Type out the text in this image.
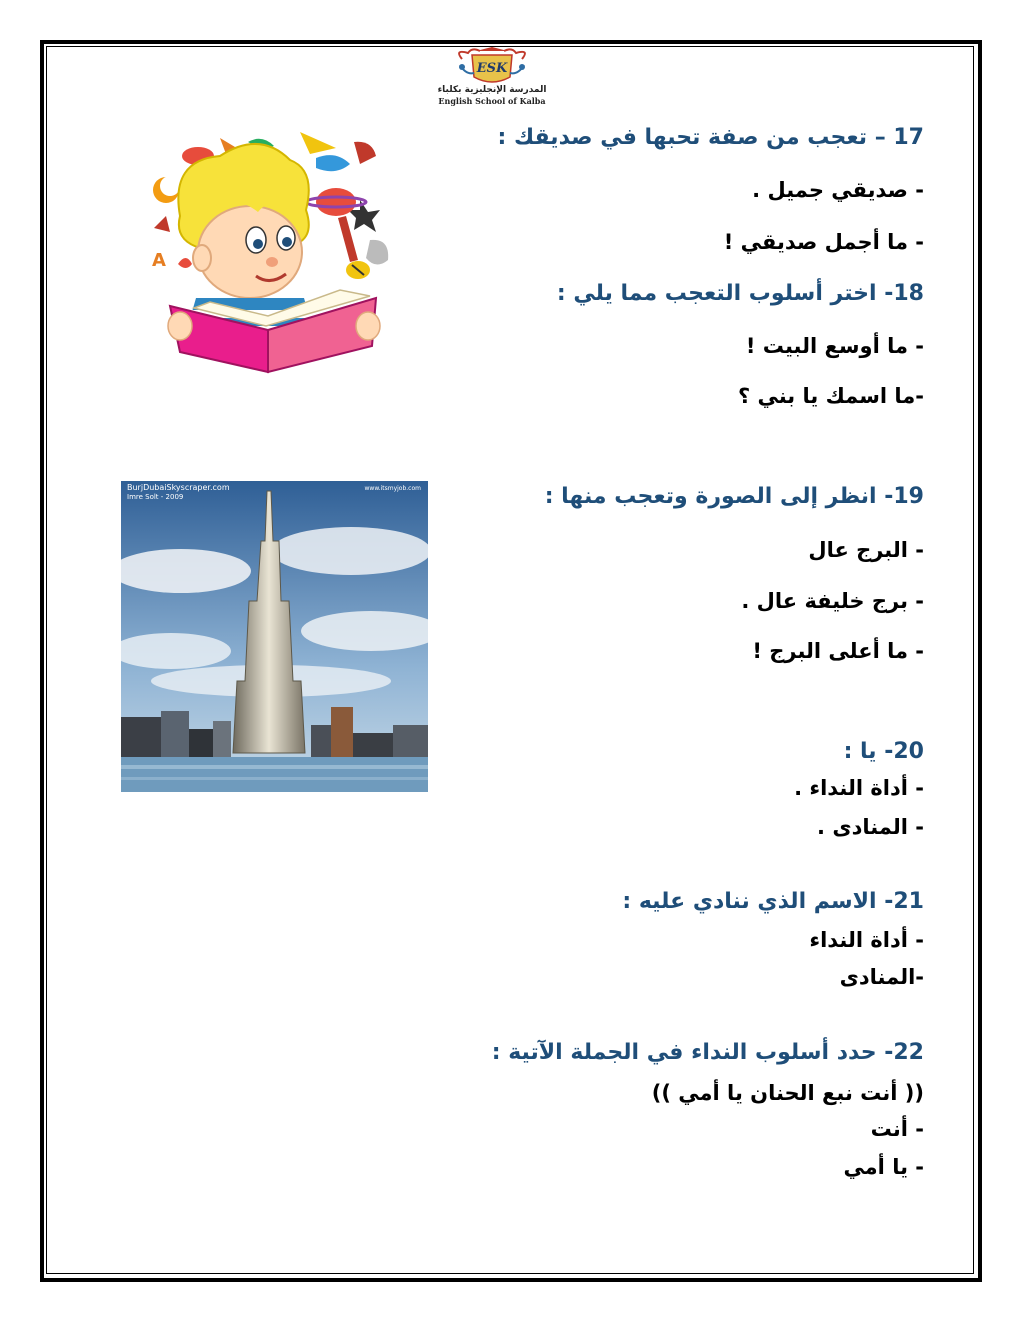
ESK
المدرسة الإنجليزية بكلباء
English School of Kalba
17 – تعجب من صفة تحبها في صديقك :
- صديقي جميل .
- ما أجمل صديقي !
18- اختر أسلوب التعجب مما يلي :
- ما أوسع البيت !
-ما اسمك يا بني ؟
19- انظر إلى الصورة وتعجب منها :
- البرج عال
- برج خليفة عال .
- ما أعلى البرج !
20- يا :
- أداة النداء .
- المنادى .
21- الاسم الذي ننادي عليه :
- أداة النداء
-المنادى
22- حدد أسلوب النداء في الجملة الآتية :
(( أنت نبع الحنان يا أمي ))
- أنت
- يا أمي
A
BurjDubaiSkyscraper.com
Imre Solt - 2009
www.itsmyjob.com
